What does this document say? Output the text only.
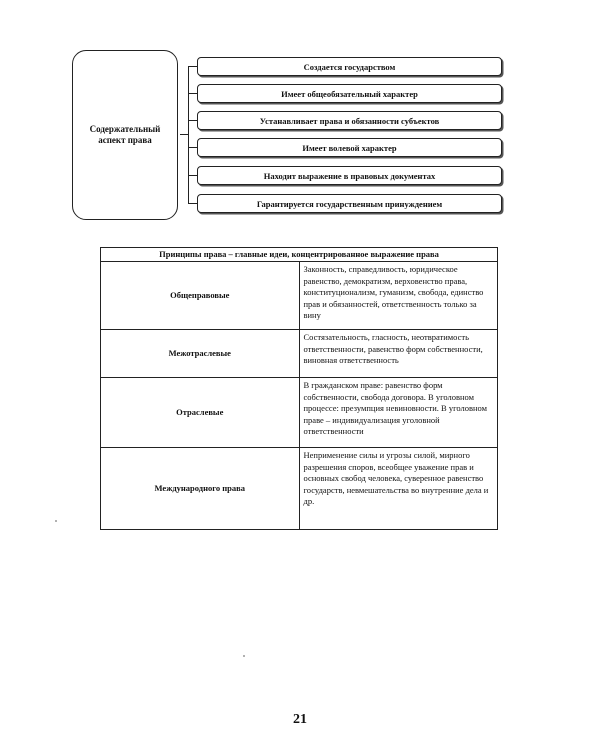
Содержательный аспект права
Создается государством
Имеет общеобязательный характер
Устанавливает права и обязанности субъектов
Имеет волевой характер
Находит выражение в правовых документах
Гарантируется государственным принуждением
Принципы права – главные идеи, концентрированное выражение права	
Общеправовые	Законность, справедливость, юридическое равенство, демократизм, верховенство права, конституционализм, гуманизм, свобода, единство прав и обязанностей, ответственность только за вину
Межотраслевые	Состязательность, гласность, неотвратимость ответственности, равенство форм собственности, виновная ответственность
Отраслевые	В гражданском праве: равенство форм собственности, свобода договора. В уголовном процессе: презумпция невиновности. В уголовном праве – индивидуализация уголовной ответственности
Международного права	Неприменение силы и угрозы силой, мирного разрешения споров, всеобщее уважение прав и основных свобод человека, суверенное равенство государств, невмешательства во внутренние дела и др.
21
